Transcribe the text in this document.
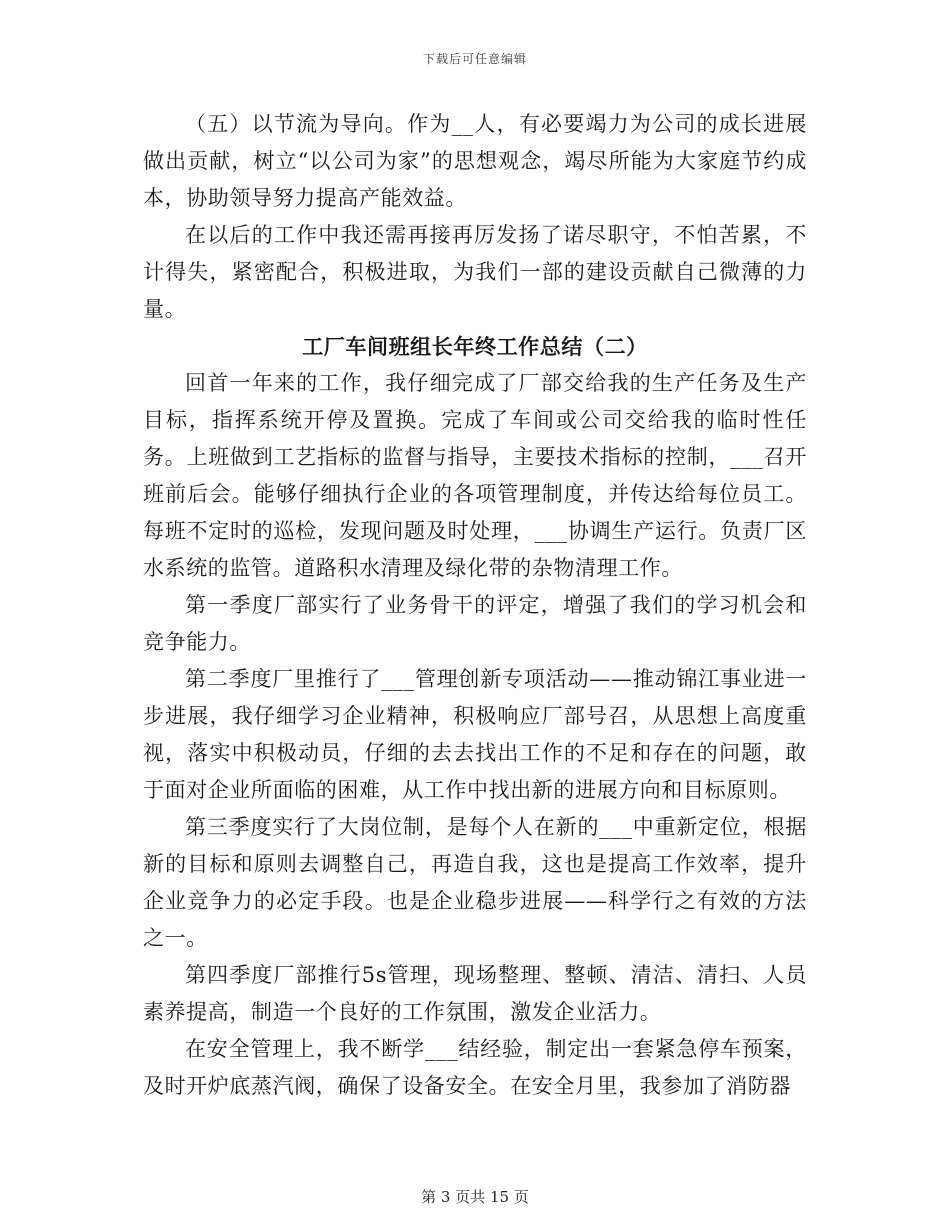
下载后可任意编辑

（五）以节流为导向。作为__人，有必要竭力为公司的成长进展做出贡献，树立“以公司为家”的思想观念，竭尽所能为大家庭节约成本，协助领导努力提高产能效益。

在以后的工作中我还需再接再厉发扬了诺尽职守，不怕苦累，不计得失，紧密配合，积极进取，为我们一部的建设贡献自己微薄的力量。

工厂车间班组长年终工作总结（二）

回首一年来的工作，我仔细完成了厂部交给我的生产任务及生产目标，指挥系统开停及置换。完成了车间或公司交给我的临时性任务。上班做到工艺指标的监督与指导，主要技术指标的控制，___召开班前后会。能够仔细执行企业的各项管理制度，并传达给每位员工。每班不定时的巡检，发现问题及时处理，___协调生产运行。负责厂区水系统的监管。道路积水清理及绿化带的杂物清理工作。

第一季度厂部实行了业务骨干的评定，增强了我们的学习机会和竞争能力。

第二季度厂里推行了___管理创新专项活动——推动锦江事业进一步进展，我仔细学习企业精神，积极响应厂部号召，从思想上高度重视，落实中积极动员，仔细的去去找出工作的不足和存在的问题，敢于面对企业所面临的困难，从工作中找出新的进展方向和目标原则。

第三季度实行了大岗位制，是每个人在新的___中重新定位，根据新的目标和原则去调整自己，再造自我，这也是提高工作效率，提升企业竞争力的必定手段。也是企业稳步进展——科学行之有效的方法之一。

第四季度厂部推行5s管理，现场整理、整顿、清洁、清扫、人员素养提高，制造一个良好的工作氛围，激发企业活力。

在安全管理上，我不断学___结经验，制定出一套紧急停车预案，及时开炉底蒸汽阀，确保了设备安全。在安全月里，我参加了消防器

第 3 页共 15 页
